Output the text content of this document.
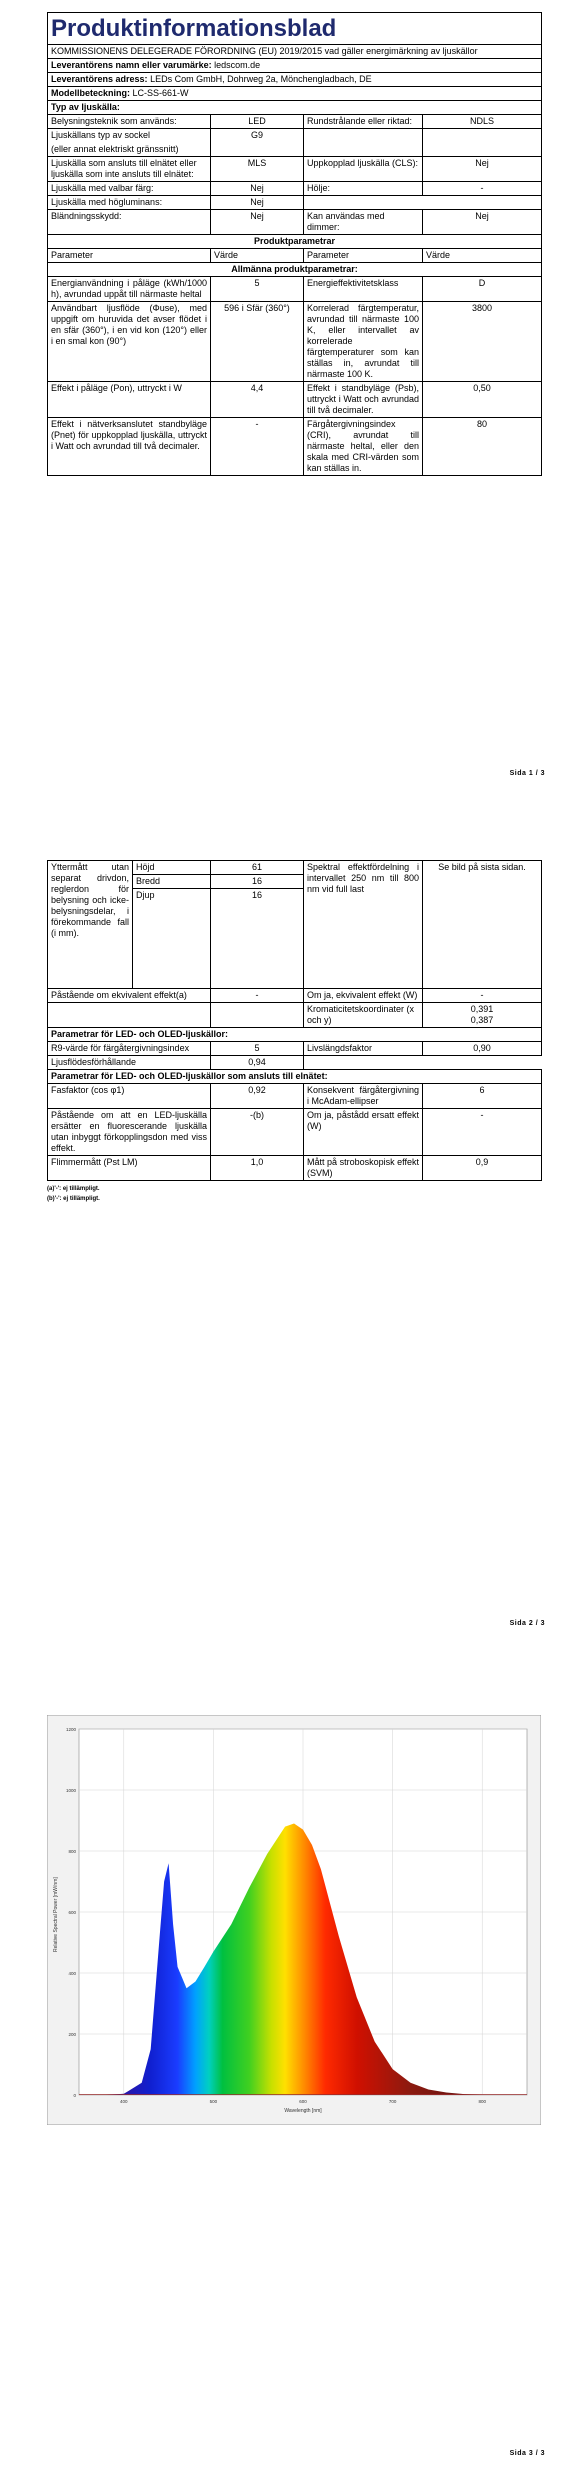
Produktinformationsblad			
KOMMISSIONENS DELEGERADE FÖRORDNING (EU) 2019/2015 vad gäller energimärkning av ljuskällor			
Leverantörens namn eller varumärke: ledscom.de			
Leverantörens adress: LEDs Com GmbH, Dohrweg 2a, Mönchengladbach, DE			
Modellbeteckning: LC-SS-661-W			
Typ av ljuskälla:			
Belysningsteknik som används:	LED	Rundstrålande eller riktad:	NDLS

Ljuskällans typ av sockel
(eller annat elektriskt gränssnitt)	G9		
Ljuskälla som ansluts till elnätet eller ljuskälla som inte ansluts till elnätet:	MLS	Uppkopplad ljuskälla (CLS):	Nej
Ljuskälla med valbar färg:	Nej	Hölje:	-
Ljuskälla med högluminans:	Nej		
Bländningsskydd:	Nej	Kan användas med dimmer:	Nej
Produktparametrar			
Parameter	Värde	Parameter	Värde
Allmänna produktparametrar:			
Energianvändning i påläge (kWh/1000 h), avrundad uppåt till närmaste heltal	5	Energieffektivitetsklass	D
Användbart ljusflöde (Φuse), med uppgift om huruvida det avser flödet i en sfär (360°), i en vid kon (120°) eller i en smal kon (90°)	596 i Sfär (360°)	Korrelerad färgtemperatur, avrundad till närmaste 100 K, eller intervallet av korrelerade färgtemperaturer som kan ställas in, avrundat till närmaste 100 K.	3800
Effekt i påläge (Pon), uttryckt i W	4,4	Effekt i standbyläge (Psb), uttryckt i Watt och avrundad till två decimaler.	0,50
Effekt i nätverksanslutet standbyläge (Pnet) för uppkopplad ljuskälla, uttryckt i Watt och avrundad till två decimaler.	-	Färgåtergivningsindex (CRI), avrundat till närmaste heltal, eller den skala med CRI-värden som kan ställas in.	80
Sida 1 / 3
Yttermått utan separat drivdon, reglerdon för belysning och icke-belysningsdelar, i förekommande fall (i mm).	Höjd	61	Spektral effektfördelning i intervallet 250 nm till 800 nm vid full last	Se bild på sista sidan.
	Bredd	16		
	Djup	16		
Påstående om ekvivalent effekt(a)		-	Om ja, ekvivalent effekt (W)	-
			Kromaticitetskoordinater (x och y)	0,391
0,387

Parametrar för LED- och OLED-ljuskällor:				
R9-värde för färgåtergivningsindex		5	Livslängdsfaktor	0,90
Ljusflödesförhållande		0,94		
Parametrar för LED- och OLED-ljuskällor som ansluts till elnätet:				
Fasfaktor (cos φ1)		0,92	Konsekvent färgåtergivning i McAdam-ellipser	6
Påstående om att en LED-ljuskälla ersätter en fluorescerande ljuskälla utan inbyggt förkopplingsdon med viss effekt.		-(b)	Om ja, påstådd ersatt effekt (W)	-
Flimmermått (Pst LM)		1,0	Mått på stroboskopisk effekt (SVM)	0,9
(a)'-': ej tillämpligt.
(b)'-': ej tillämpligt.
Sida 2 / 3
0
200
400
600
800
1000
1200
400	500	600	700	800
Relative Spectral Power [mW/nm]
Wavelength [nm]
Sida 3 / 3
